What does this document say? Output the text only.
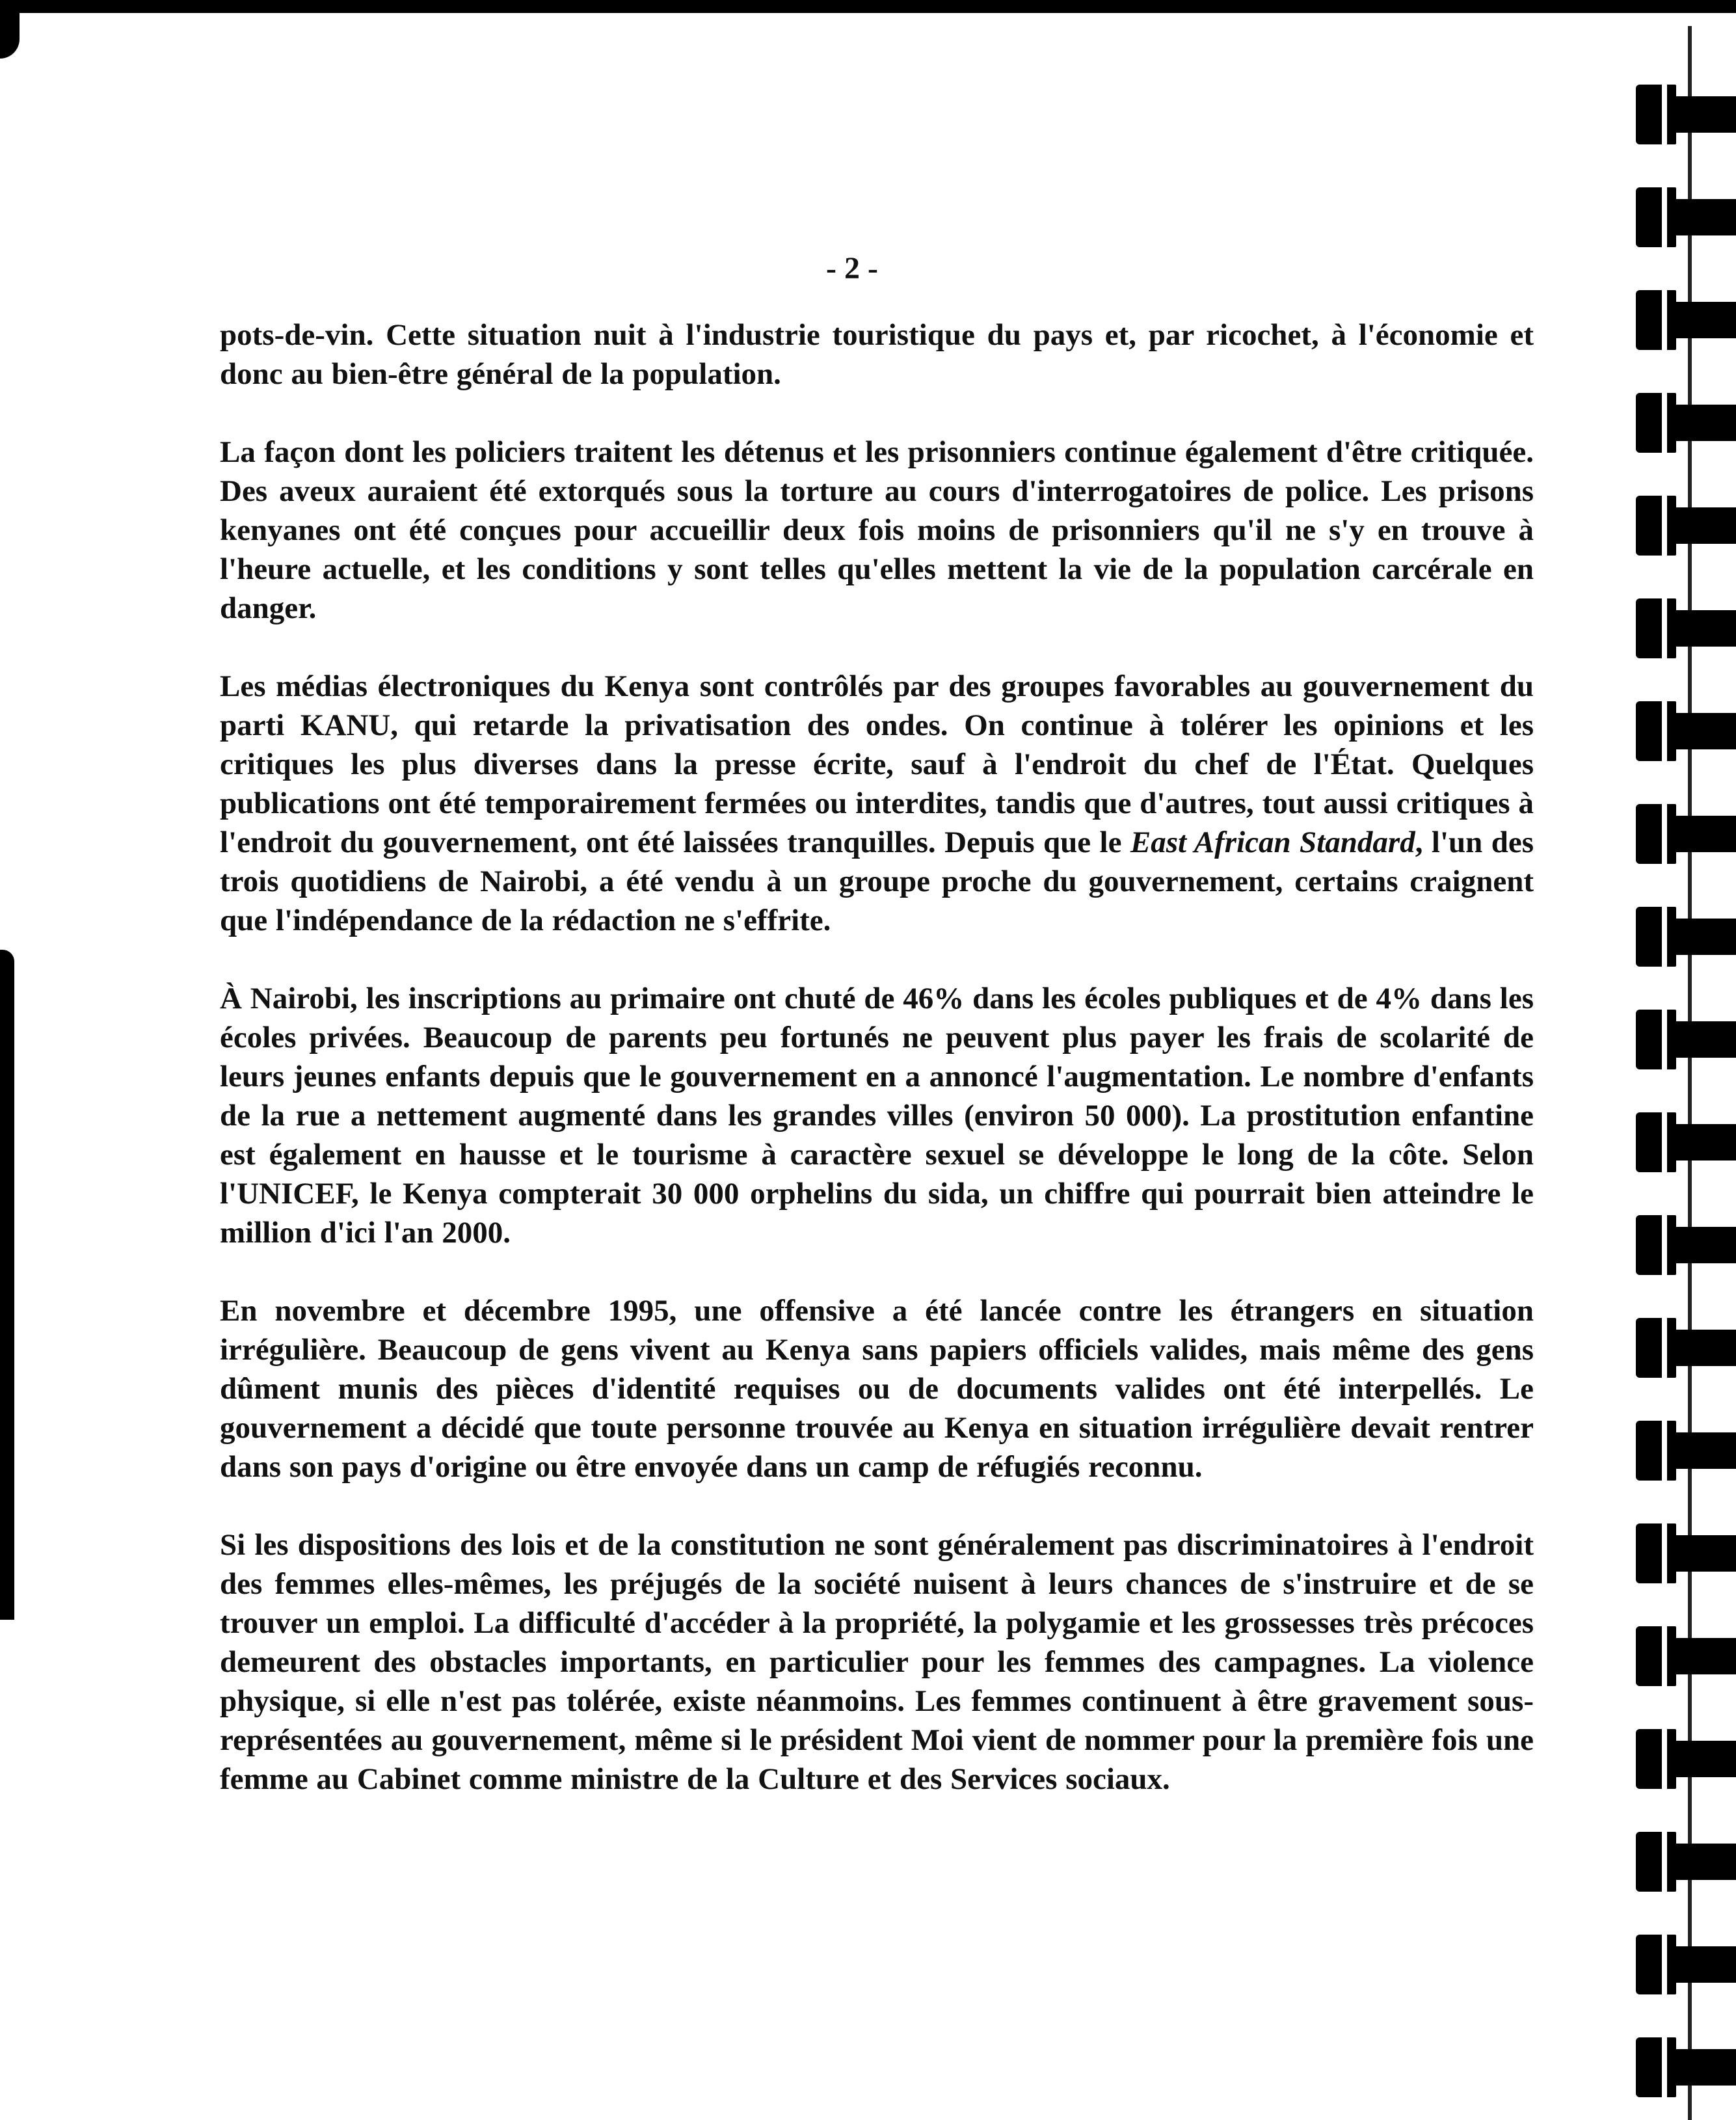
- 2 -

pots-de-vin. Cette situation nuit à l'industrie touristique du pays et, par ricochet, à l'économie et donc au bien-être général de la population.

La façon dont les policiers traitent les détenus et les prisonniers continue également d'être critiquée. Des aveux auraient été extorqués sous la torture au cours d'interrogatoires de police. Les prisons kenyanes ont été conçues pour accueillir deux fois moins de prisonniers qu'il ne s'y en trouve à l'heure actuelle, et les conditions y sont telles qu'elles mettent la vie de la population carcérale en danger.

Les médias électroniques du Kenya sont contrôlés par des groupes favorables au gouvernement du parti KANU, qui retarde la privatisation des ondes. On continue à tolérer les opinions et les critiques les plus diverses dans la presse écrite, sauf à l'endroit du chef de l'État. Quelques publications ont été temporairement fermées ou interdites, tandis que d'autres, tout aussi critiques à l'endroit du gouvernement, ont été laissées tranquilles. Depuis que le East African Standard, l'un des trois quotidiens de Nairobi, a été vendu à un groupe proche du gouvernement, certains craignent que l'indépendance de la rédaction ne s'effrite.

À Nairobi, les inscriptions au primaire ont chuté de 46% dans les écoles publiques et de 4% dans les écoles privées. Beaucoup de parents peu fortunés ne peuvent plus payer les frais de scolarité de leurs jeunes enfants depuis que le gouvernement en a annoncé l'augmentation. Le nombre d'enfants de la rue a nettement augmenté dans les grandes villes (environ 50 000). La prostitution enfantine est également en hausse et le tourisme à caractère sexuel se développe le long de la côte. Selon l'UNICEF, le Kenya compterait 30 000 orphelins du sida, un chiffre qui pourrait bien atteindre le million d'ici l'an 2000.

En novembre et décembre 1995, une offensive a été lancée contre les étrangers en situation irrégulière. Beaucoup de gens vivent au Kenya sans papiers officiels valides, mais même des gens dûment munis des pièces d'identité requises ou de documents valides ont été interpellés. Le gouvernement a décidé que toute personne trouvée au Kenya en situation irrégulière devait rentrer dans son pays d'origine ou être envoyée dans un camp de réfugiés reconnu.

Si les dispositions des lois et de la constitution ne sont généralement pas discriminatoires à l'endroit des femmes elles-mêmes, les préjugés de la société nuisent à leurs chances de s'instruire et de se trouver un emploi. La difficulté d'accéder à la propriété, la polygamie et les grossesses très précoces demeurent des obstacles importants, en particulier pour les femmes des campagnes. La violence physique, si elle n'est pas tolérée, existe néanmoins. Les femmes continuent à être gravement sous-représentées au gouvernement, même si le président Moi vient de nommer pour la première fois une femme au Cabinet comme ministre de la Culture et des Services sociaux.
